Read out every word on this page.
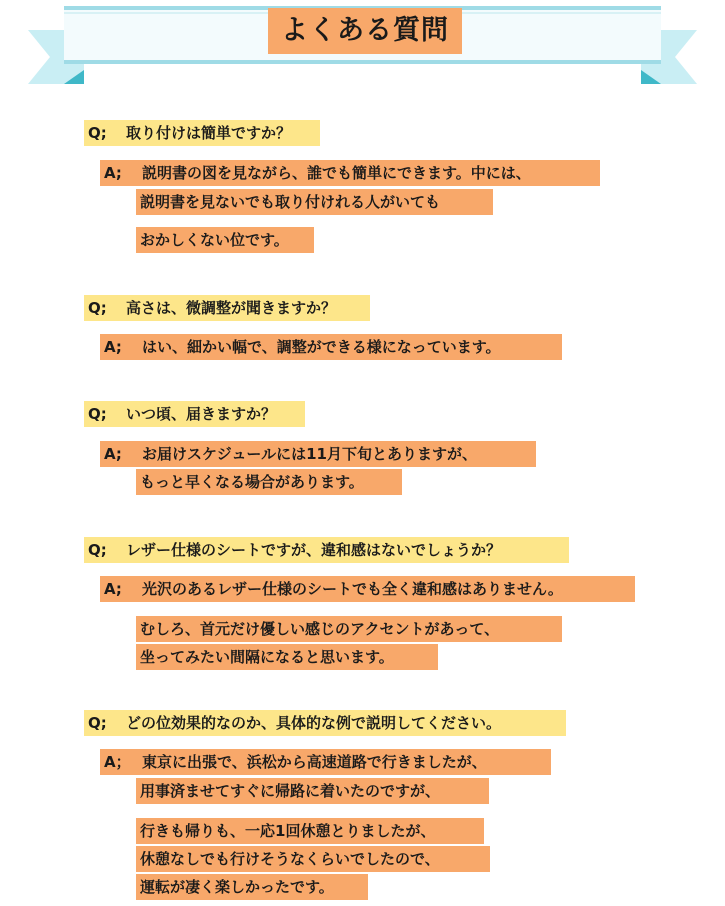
よくある質問
Q; 取り付けは簡単ですか？
A; 説明書の図を見ながら、誰でも簡単にできます。中には、
説明書を見ないでも取り付けれる人がいても
おかしくない位です。
Q; 高さは、微調整が聞きますか？
A; はい、細かい幅で、調整ができる様になっています。
Q; いつ頃、届きますか？
A; お届けスケジュールには11月下旬とありますが、
もっと早くなる場合があります。
Q; レザー仕様のシートですが、違和感はないでしょうか？
A; 光沢のあるレザー仕様のシートでも全く違和感はありません。
むしろ、首元だけ優しい感じのアクセントがあって、
坐ってみたい間隔になると思います。
Q; どの位効果的なのか、具体的な例で説明してください。
A； 東京に出張で、浜松から高速道路で行きましたが、
用事済ませてすぐに帰路に着いたのですが、
行きも帰りも、一応1回休憩とりましたが、
休憩なしでも行けそうなくらいでしたので、
運転が凄く楽しかったです。
